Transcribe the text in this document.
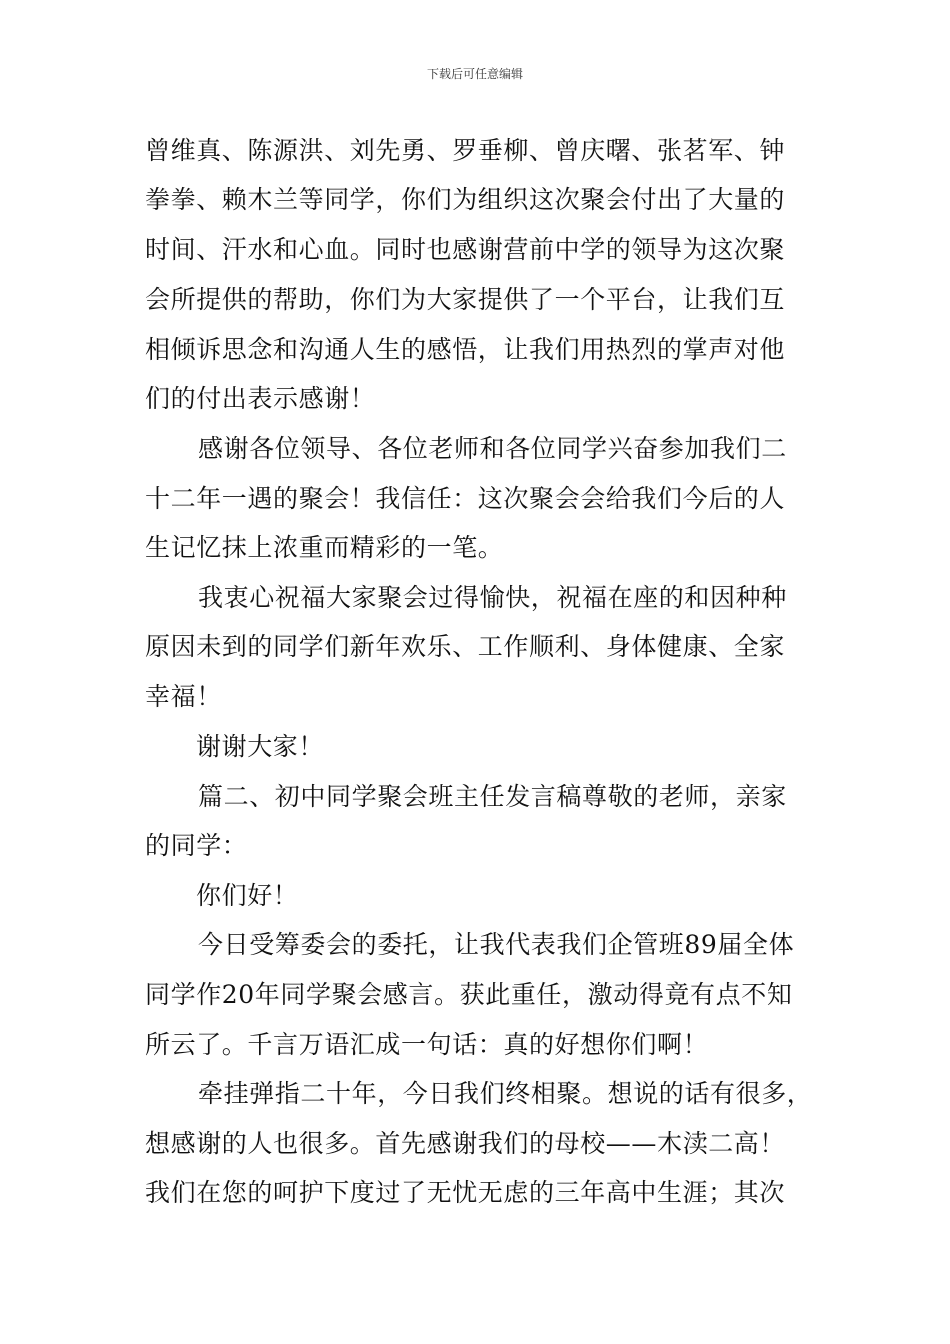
下载后可任意编辑
曾维真、陈源洪、刘先勇、罗垂柳、曾庆曙、张茗军、钟
拳拳、赖木兰等同学，你们为组织这次聚会付出了大量的
时间、汗水和心血。同时也感谢营前中学的领导为这次聚
会所提供的帮助，你们为大家提供了一个平台，让我们互
相倾诉思念和沟通人生的感悟，让我们用热烈的掌声对他
们的付出表示感谢！
感谢各位领导、各位老师和各位同学兴奋参加我们二
十二年一遇的聚会！我信任：这次聚会会给我们今后的人
生记忆抹上浓重而精彩的一笔。
我衷心祝福大家聚会过得愉快，祝福在座的和因种种
原因未到的同学们新年欢乐、工作顺利、身体健康、全家
幸福！
谢谢大家！
篇二、初中同学聚会班主任发言稿尊敬的老师，亲家
的同学：
你们好！
今日受筹委会的委托，让我代表我们企管班89届全体
同学作20年同学聚会感言。获此重任，激动得竟有点不知
所云了。千言万语汇成一句话：真的好想你们啊！
牵挂弹指二十年，今日我们终相聚。想说的话有很多，
想感谢的人也很多。首先感谢我们的母校——木渎二高！
我们在您的呵护下度过了无忧无虑的三年高中生涯；其次
